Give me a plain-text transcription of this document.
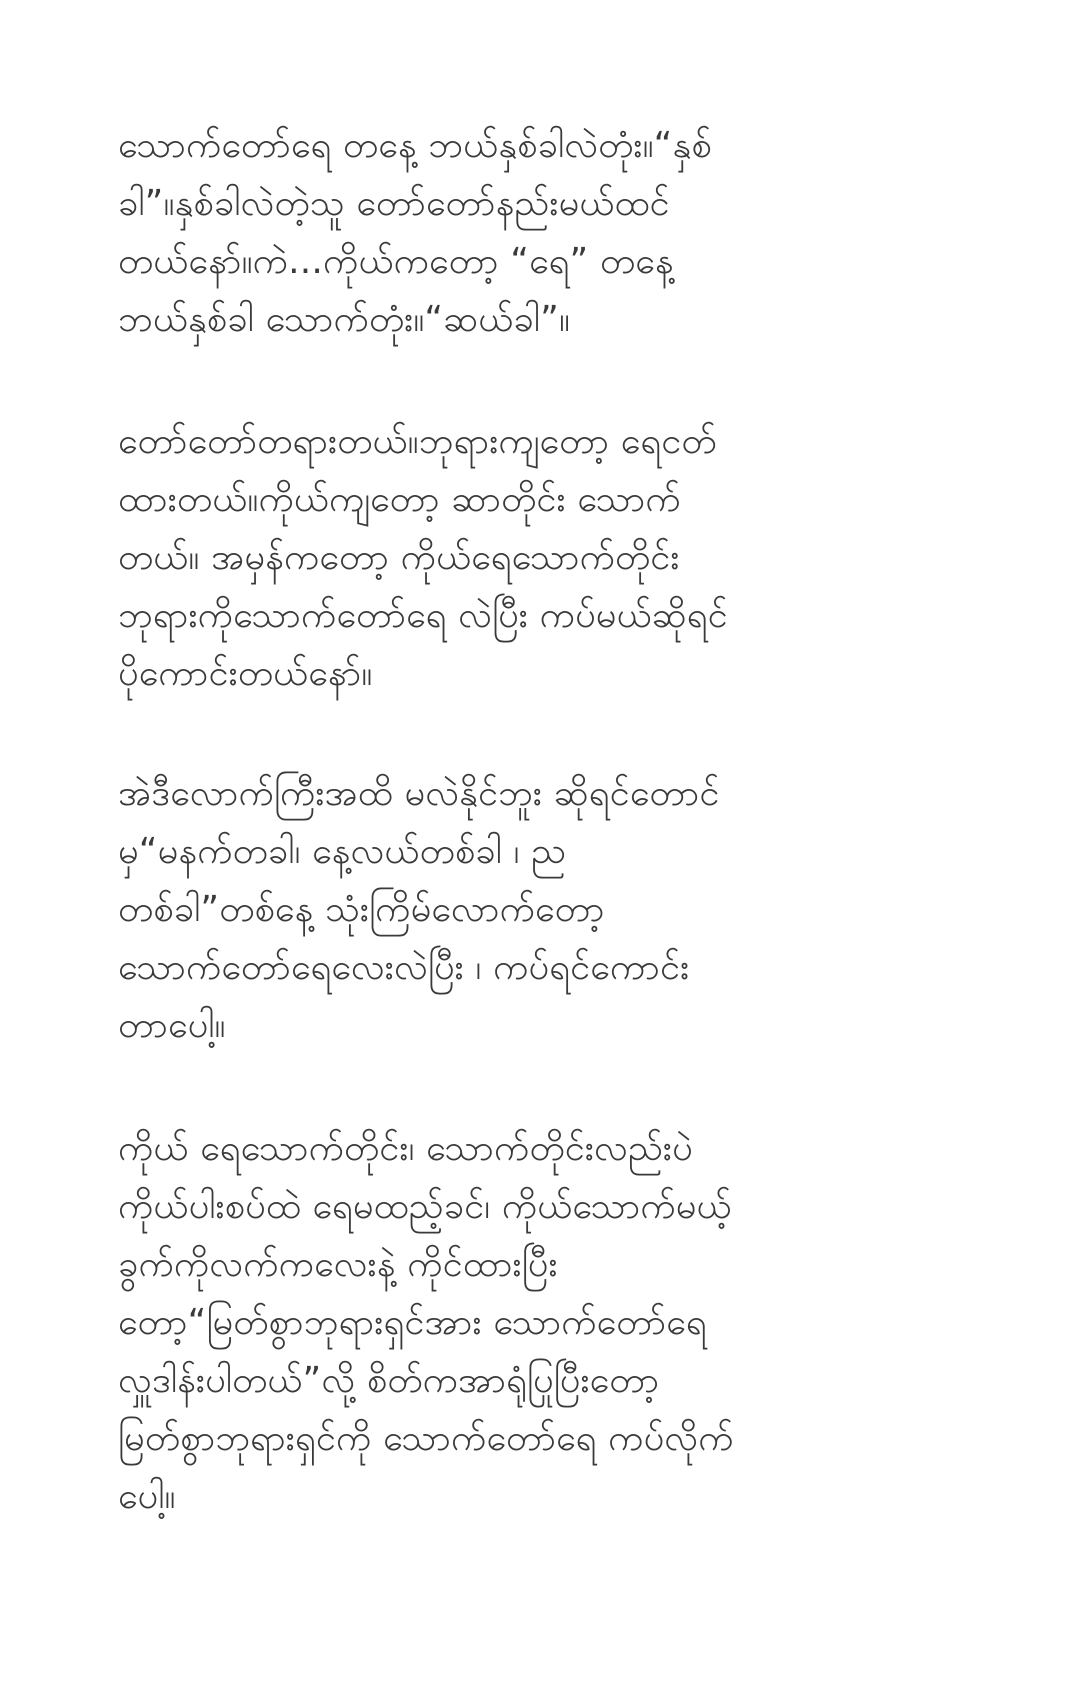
သောက်တော်ရေ တနေ့ ဘယ်နှစ်ခါလဲတုံး။“နှစ်
ခါ”။နှစ်ခါလဲတဲ့သူ တော်တော်နည်းမယ်ထင်
တယ်နော်။ကဲ...ကိုယ်ကတော့ “ရေ” တနေ့
ဘယ်နှစ်ခါ သောက်တုံး။“ဆယ်ခါ”။
တော်တော်တရားတယ်။ဘုရားကျတော့ ရေငတ်
ထားတယ်။ကိုယ်ကျတော့ ဆာတိုင်း သောက်
တယ်။ အမှန်ကတော့ ကိုယ်ရေသောက်တိုင်း
ဘုရားကိုသောက်တော်ရေ လဲပြီး ကပ်မယ်ဆိုရင်
ပိုကောင်းတယ်နော်။
အဲဒီလောက်ကြီးအထိ မလဲနိုင်ဘူး ဆိုရင်တောင်
မှ“မနက်တခါ၊ နေ့လယ်တစ်ခါ ၊ ည
တစ်ခါ”တစ်နေ့ သုံးကြိမ်လောက်တော့
သောက်တော်ရေလေးလဲပြီး ၊ ကပ်ရင်ကောင်း
တာပေါ့။
ကိုယ် ရေသောက်တိုင်း၊ သောက်တိုင်းလည်းပဲ
ကိုယ်ပါးစပ်ထဲ ရေမထည့်ခင်၊ ကိုယ်သောက်မယ့်
ခွက်ကိုလက်ကလေးနဲ့ ကိုင်ထားပြီး
တော့“မြတ်စွာဘုရားရှင်အား သောက်တော်ရေ
လှူဒါန်းပါတယ်”လို့ စိတ်ကအာရုံပြုပြီးတော့
မြတ်စွာဘုရားရှင်ကို သောက်တော်ရေ ကပ်လိုက်
ပေါ့။
